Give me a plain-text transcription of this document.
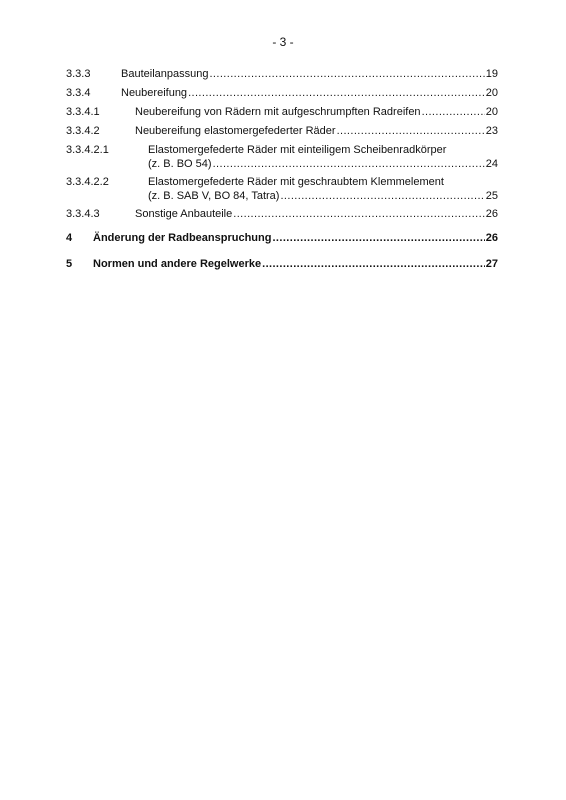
- 3 -
3.3.3	Bauteilanpassung .....	19
3.3.4	Neubereifung .....	20
3.3.4.1	Neubereifung von Rädern mit aufgeschrumpften Radreifen .....	20
3.3.4.2	Neubereifung elastomergefederter Räder .....	23
3.3.4.2.1	Elastomergefederte Räder mit einteiligem Scheibenradkörper
(z. B. BO 54) .....	24
3.3.4.2.2	Elastomergefederte Räder mit geschraubtem Klemmelement
(z. B. SAB V, BO 84, Tatra) .....	25
3.3.4.3	Sonstige Anbauteile .....	26
4 Änderung der Radbeanspruchung .....	26
5 Normen und andere Regelwerke .....	27
